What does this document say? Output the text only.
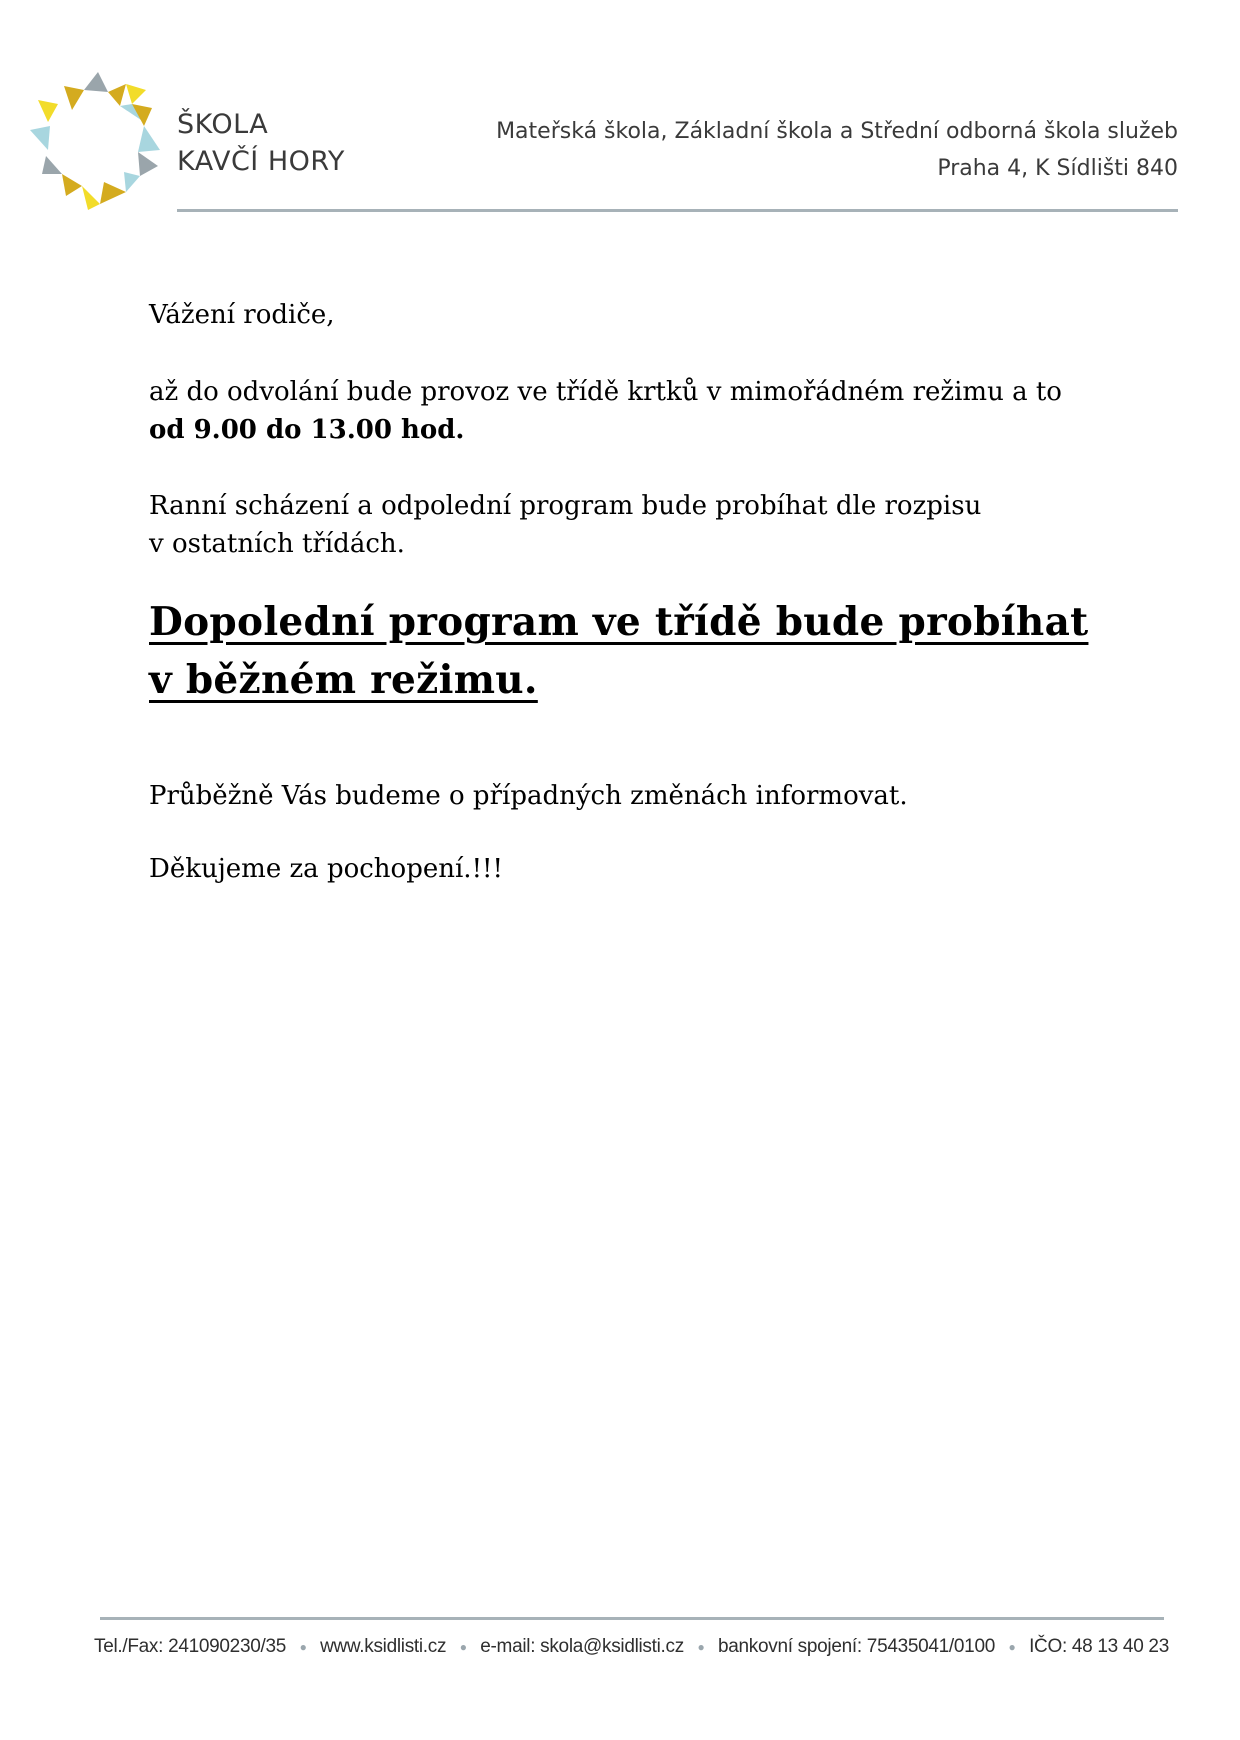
ŠKOLA
KAVČÍ HORY
Mateřská škola, Základní škola a Střední odborná škola služeb
Praha 4, K Sídlišti 840

Vážení rodiče,

až do odvolání bude provoz ve třídě krtků v mimořádném režimu a to
od 9.00 do 13.00 hod.

Ranní scházení a odpolední program bude probíhat dle rozpisu
v ostatních třídách.

Dopolední program ve třídě bude probíhat
v běžném režimu.

Průběžně Vás budeme o případných změnách informovat.

Děkujeme za pochopení.!!!

Tel./Fax: 241090230/35 ● www.ksidlisti.cz ● e-mail: skola@ksidlisti.cz ● bankovní spojení: 75435041/0100 ● IČO: 48 13 40 23
